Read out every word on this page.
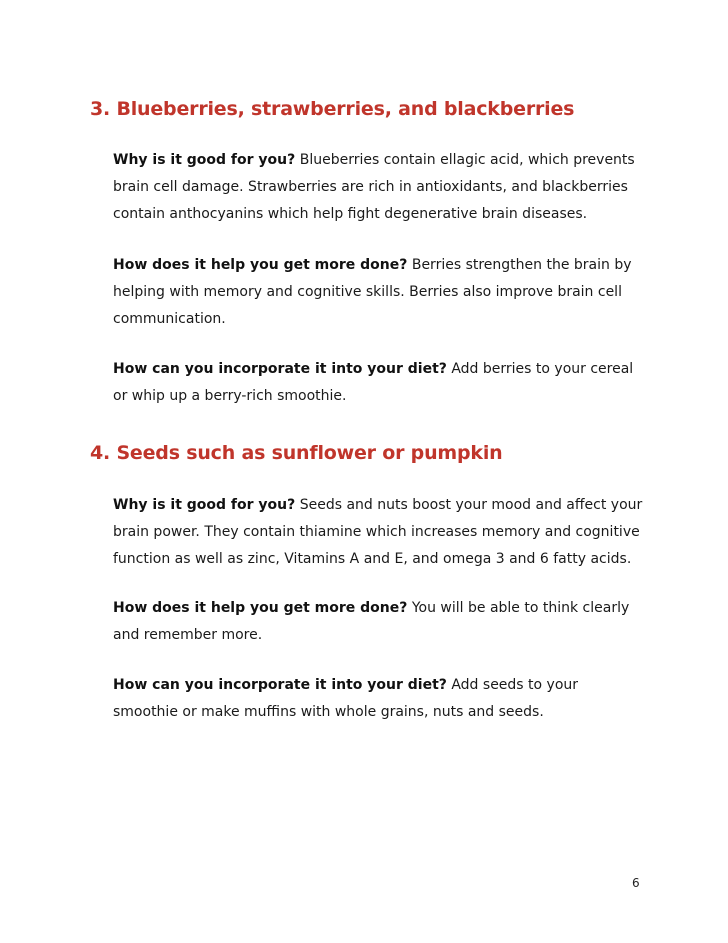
3. Blueberries, strawberries, and blackberries

Why is it good for you? Blueberries contain ellagic acid, which prevents brain cell damage. Strawberries are rich in antioxidants, and blackberries contain anthocyanins which help fight degenerative brain diseases.

How does it help you get more done? Berries strengthen the brain by helping with memory and cognitive skills. Berries also improve brain cell communication.

How can you incorporate it into your diet? Add berries to your cereal or whip up a berry-rich smoothie.

4. Seeds such as sunflower or pumpkin

Why is it good for you? Seeds and nuts boost your mood and affect your brain power. They contain thiamine which increases memory and cognitive function as well as zinc, Vitamins A and E, and omega 3 and 6 fatty acids.

How does it help you get more done? You will be able to think clearly and remember more.

How can you incorporate it into your diet? Add seeds to your smoothie or make muffins with whole grains, nuts and seeds.

6
